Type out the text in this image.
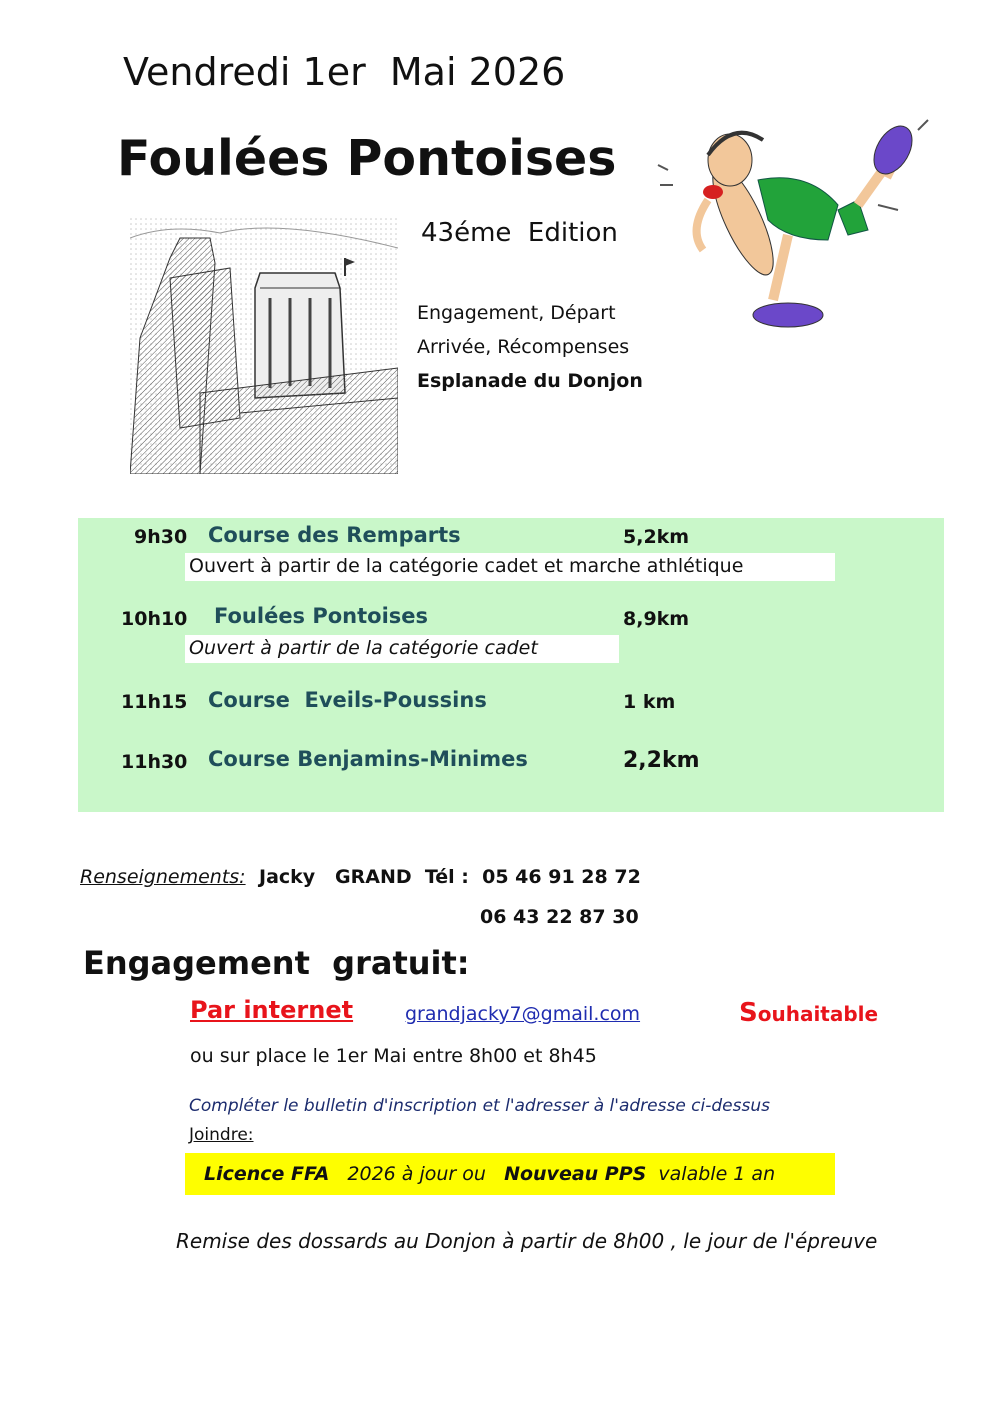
Vendredi 1er  Mai 2026
Foulées Pontoises
43éme  Edition
Engagement, Départ
Arrivée, Récompenses
Esplanade du Donjon
9h30 Course des Remparts	5,2km
Ouvert à partir de la catégorie cadet et marche athlétique
10h10 Foulées Pontoises	8,9km
Ouvert à partir de la catégorie cadet
11h15 Course  Eveils-Poussins	1 km
11h30 Course Benjamins-Minimes	2,2km
Renseignements: Jacky   GRAND  Tél :  05 46 91 28 72
06 43 22 87 30
Engagement  gratuit:
Par internet	grandjacky7@gmail.com	Souhaitable
ou sur place le 1er Mai entre 8h00 et 8h45
Compléter le bulletin d'inscription et l'adresser à l'adresse ci-dessus
Joindre:
Licence FFA 2026 à jour ou Nouveau PPS valable 1 an
Remise des dossards au Donjon à partir de 8h00 , le jour de l'épreuve
